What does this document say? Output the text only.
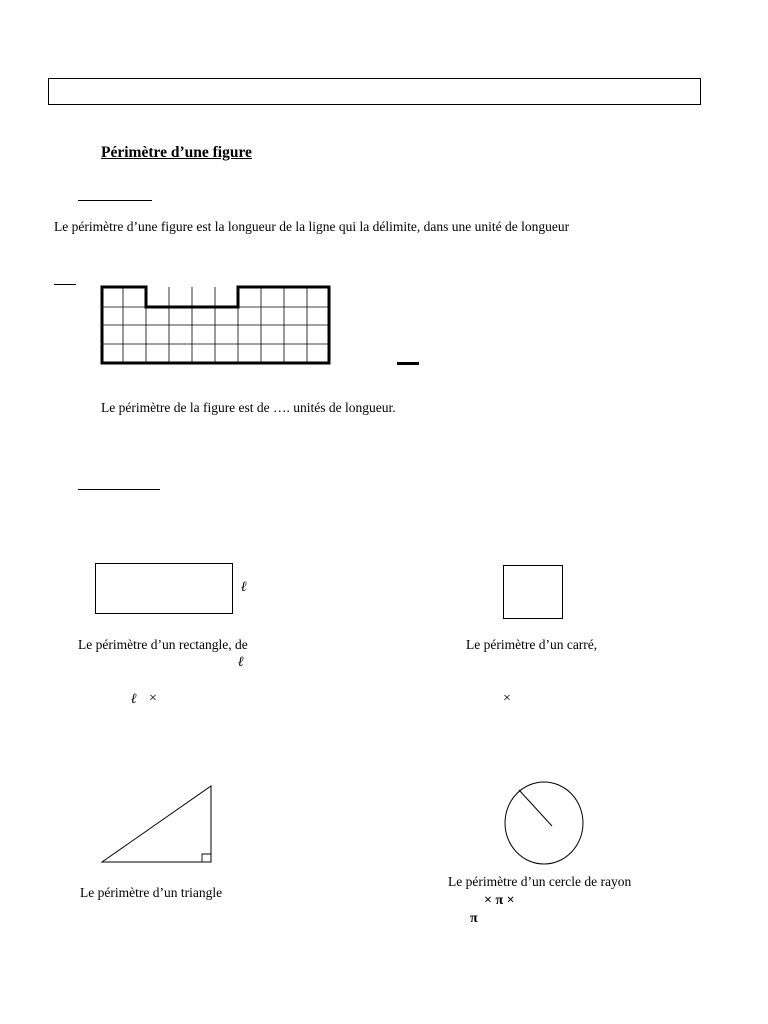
Périmètre d’une figure
Le périmètre d’une figure est la longueur de la ligne qui la délimite, dans une unité de longueur
Le périmètre de la figure est de …. unités de longueur.
ℓ
Le périmètre d’un rectangle, de
ℓ
ℓ ×
Le périmètre d’un carré,
×
Le périmètre d’un triangle
Le périmètre d’un cercle de rayon
× π ×
π
